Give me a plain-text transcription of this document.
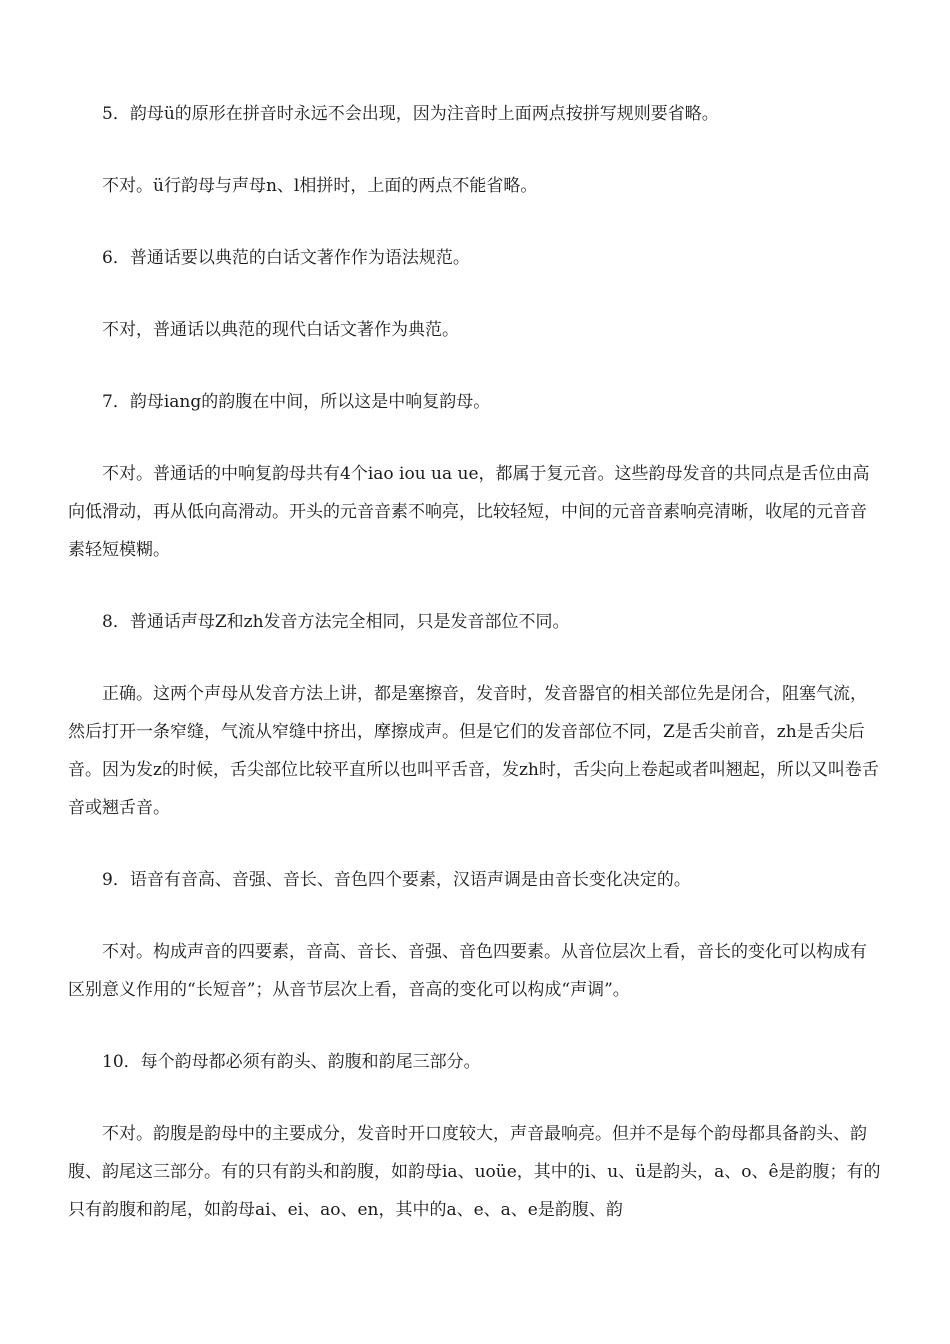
5．韵母ü的原形在拼音时永远不会出现，因为注音时上面两点按拼写规则要省略。

不对。ü行韵母与声母n、l相拼时，上面的两点不能省略。

6．普通话要以典范的白话文著作作为语法规范。

不对，普通话以典范的现代白话文著作为典范。

7．韵母iang的韵腹在中间，所以这是中响复韵母。

不对。普通话的中响复韵母共有4个iao iou ua ue，都属于复元音。这些韵母发音的共同点是舌位由高向低滑动，再从低向高滑动。开头的元音音素不响亮，比较轻短，中间的元音音素响亮清晰，收尾的元音音素轻短模糊。

8．普通话声母Z和zh发音方法完全相同，只是发音部位不同。

正确。这两个声母从发音方法上讲，都是塞擦音，发音时，发音器官的相关部位先是闭合，阻塞气流，然后打开一条窄缝，气流从窄缝中挤出，摩擦成声。但是它们的发音部位不同，Z是舌尖前音，zh是舌尖后音。因为发z的时候，舌尖部位比较平直所以也叫平舌音，发zh时，舌尖向上卷起或者叫翘起，所以又叫卷舌音或翘舌音。

9．语音有音高、音强、音长、音色四个要素，汉语声调是由音长变化决定的。

不对。构成声音的四要素，音高、音长、音强、音色四要素。从音位层次上看，音长的变化可以构成有区别意义作用的“长短音”；从音节层次上看，音高的变化可以构成“声调”。

10．每个韵母都必须有韵头、韵腹和韵尾三部分。

不对。韵腹是韵母中的主要成分，发音时开口度较大，声音最响亮。但并不是每个韵母都具备韵头、韵腹、韵尾这三部分。有的只有韵头和韵腹，如韵母ia、uoüe，其中的i、u、ü是韵头，a、o、ê是韵腹；有的只有韵腹和韵尾，如韵母ai、ei、ao、en，其中的a、e、a、e是韵腹、韵
